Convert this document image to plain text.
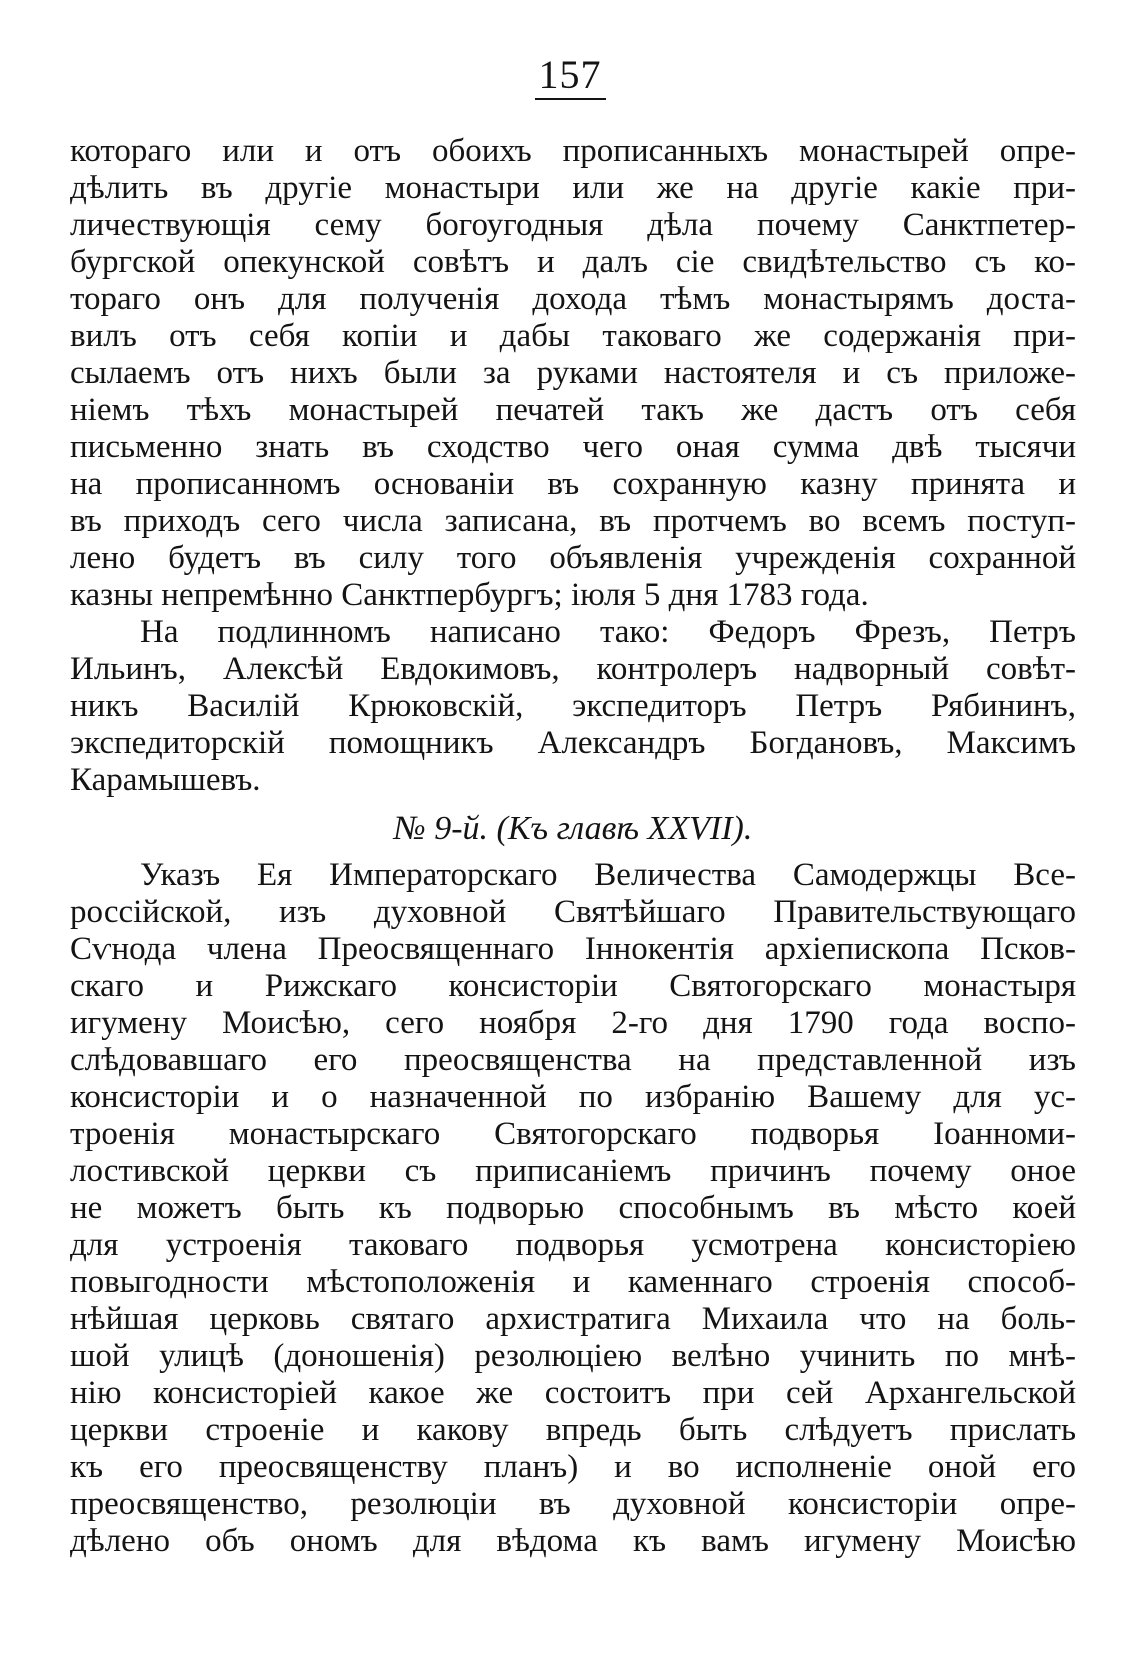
157
котораго или и отъ обоихъ прописанныхъ монастырей опре-
дѣлить въ другіе монастыри или же на другіе какіе при-
личествующія сему богоугодныя дѣла почему Санктпетер-
бургской опекунской совѣтъ и далъ сіе свидѣтельство съ ко-
тораго онъ для полученія дохода тѣмъ монастырямъ доста-
вилъ отъ себя копіи и дабы таковаго же содержанія при-
сылаемъ отъ нихъ были за руками настоятеля и съ приложе-
ніемъ тѣхъ монастырей печатей такъ же дастъ отъ себя
письменно знать въ сходство чего оная сумма двѣ тысячи
на прописанномъ основаніи въ сохранную казну принята и
въ приходъ сего числа записана, въ протчемъ во всемъ поступ-
лено будетъ въ силу того объявленія учрежденія сохранной
казны непремѣнно Санктпербургъ; іюля 5 дня 1783 года.
На подлинномъ написано тако: Федоръ Фрезъ, Петръ
Ильинъ, Алексѣй Евдокимовъ, контролеръ надворный совѣт-
никъ Василій Крюковскій, экспедиторъ Петръ Рябининъ,
экспедиторскій помощникъ Александръ Богдановъ, Максимъ
Карамышевъ.
№ 9-й. (Къ главѣ XXVII).
Указъ Ея Императорскаго Величества Самодержцы Все-
россійской, изъ духовной Святѣйшаго Правительствующаго
Сѵнода члена Преосвященнаго Іннокентія архіепископа Псков-
скаго и Рижскаго консисторіи Святогорскаго монастыря
игумену Моисѣю, сего ноября 2-го дня 1790 года воспо-
слѣдовавшаго его преосвященства на представленной изъ
консисторіи и о назначенной по избранію Вашему для ус-
троенія монастырскаго Святогорскаго подворья Іоанноми-
лостивской церкви съ приписаніемъ причинъ почему оное
не можетъ быть къ подворью способнымъ въ мѣсто коей
для устроенія таковаго подворья усмотрена консисторіею
повыгодности мѣстоположенія и каменнаго строенія способ-
нѣйшая церковь святаго архистратига Михаила что на боль-
шой улицѣ (доношенія) резолюціею велѣно учинить по мнѣ-
нію консисторіей какое же состоитъ при сей Архангельской
церкви строеніе и какову впредь быть слѣдуетъ прислать
къ его преосвященству планъ) и во исполненіе оной его
преосвященство, резолюціи въ духовной консисторіи опре-
дѣлено объ ономъ для вѣдома къ вамъ игумену Моисѣю
